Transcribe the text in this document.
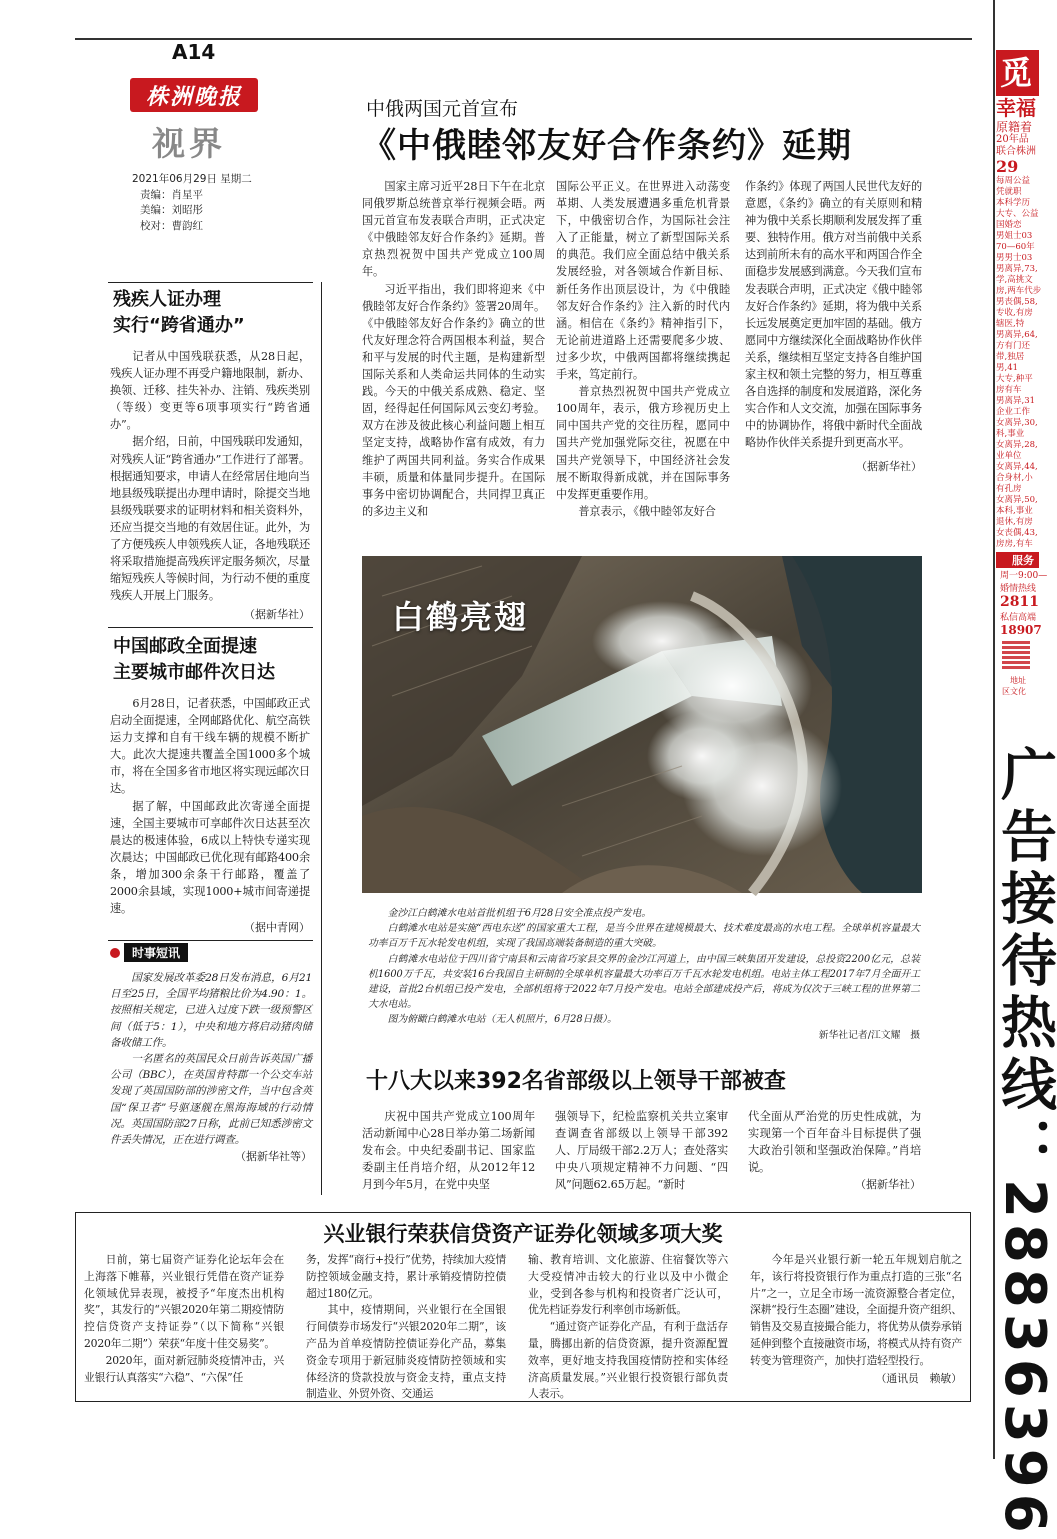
A14
株洲晚报
视界
2021年06月29日 星期二
责编：肖星平
美编：刘昭彤
校对：曹韵红
中俄两国元首宣布
《中俄睦邻友好合作条约》延期

国家主席习近平28日下午在北京同俄罗斯总统普京举行视频会晤。两国元首宣布发表联合声明，正式决定《中俄睦邻友好合作条约》延期。普京热烈祝贺中国共产党成立100周年。

习近平指出，我们即将迎来《中俄睦邻友好合作条约》签署20周年。《中俄睦邻友好合作条约》确立的世代友好理念符合两国根本利益，契合和平与发展的时代主题，是构建新型国际关系和人类命运共同体的生动实践。今天的中俄关系成熟、稳定、坚固，经得起任何国际风云变幻考验。双方在涉及彼此核心利益问题上相互坚定支持，战略协作富有成效，有力维护了两国共同利益。务实合作成果丰硕，质量和体量同步提升。在国际事务中密切协调配合，共同捍卫真正的多边主义和

国际公平正义。在世界进入动荡变革期、人类发展遭遇多重危机背景下，中俄密切合作，为国际社会注入了正能量，树立了新型国际关系的典范。我们应全面总结中俄关系发展经验，对各领域合作新目标、新任务作出顶层设计，为《中俄睦邻友好合作条约》注入新的时代内涵。相信在《条约》精神指引下，无论前进道路上还需要爬多少坡、过多少坎，中俄两国都将继续携起手来，笃定前行。

普京热烈祝贺中国共产党成立100周年，表示，俄方珍视历史上同中国共产党的交往历程，愿同中国共产党加强党际交往，祝愿在中国共产党领导下，中国经济社会发展不断取得新成就，并在国际事务中发挥更重要作用。

普京表示，《俄中睦邻友好合

作条约》体现了两国人民世代友好的意愿，《条约》确立的有关原则和精神为俄中关系长期顺利发展发挥了重要、独特作用。俄方对当前俄中关系达到前所未有的高水平和两国合作全面稳步发展感到满意。今天我们宣布发表联合声明，正式决定《俄中睦邻友好合作条约》延期，将为俄中关系长远发展奠定更加牢固的基础。俄方愿同中方继续深化全面战略协作伙伴关系，继续相互坚定支持各自维护国家主权和领土完整的努力，相互尊重各自选择的制度和发展道路，深化务实合作和人文交流，加强在国际事务中的协调协作，将俄中新时代全面战略协作伙伴关系提升到更高水平。

（据新华社）
残疾人证办理
实行“跨省通办”

记者从中国残联获悉，从28日起，残疾人证办理不再受户籍地限制，新办、换领、迁移、挂失补办、注销、残疾类别（等级）变更等6项事项实行“跨省通办”。

据介绍，日前，中国残联印发通知，对残疾人证“跨省通办”工作进行了部署。根据通知要求，申请人在经常居住地向当地县级残联提出办理申请时，除提交当地县级残联要求的证明材料和相关资料外，还应当提交当地的有效居住证。此外，为了方便残疾人申领残疾人证，各地残联还将采取措施提高残疾评定服务频次，尽量缩短残疾人等候时间，为行动不便的重度残疾人开展上门服务。

（据新华社）
中国邮政全面提速
主要城市邮件次日达

6月28日，记者获悉，中国邮政正式启动全面提速，全网邮路优化、航空高铁运力支撑和自有干线车辆的规模不断扩大。此次大提速共覆盖全国1000多个城市，将在全国多省市地区将实现远邮次日达。

据了解，中国邮政此次寄递全面提速，全国主要城市可享邮件次日达甚至次晨达的极速体验，6成以上特快专递实现次晨达；中国邮政已优化现有邮路400余条，增加300余条干行邮路，覆盖了2000余县域，实现1000+城市间寄递提速。

（据中青网）
时事短讯

国家发展改革委28日发布消息，6月21日至25日，全国平均猪粮比价为4.90：1。按照相关规定，已进入过度下跌一级预警区间（低于5：1），中央和地方将启动猪肉储备收储工作。

一名匿名的英国民众日前告诉英国广播公司（BBC），在英国肯特郡一个公交车站发现了英国国防部的涉密文件，当中包含英国“保卫者”号驱逐舰在黑海海域的行动情况。英国国防部27日称，此前已知悉涉密文件丢失情况，正在进行调查。

（据新华社等）
白鹤亮翅

金沙江白鹤滩水电站首批机组于6月28日安全准点投产发电。

白鹤滩水电站是实施“西电东送”的国家重大工程，是当今世界在建规模最大、技术难度最高的水电工程。全球单机容量最大功率百万千瓦水轮发电机组，实现了我国高端装备制造的重大突破。

白鹤滩水电站位于四川省宁南县和云南省巧家县交界的金沙江河道上，由中国三峡集团开发建设，总投资2200亿元，总装机1600万千瓦，共安装16台我国自主研制的全球单机容量最大功率百万千瓦水轮发电机组。电站主体工程2017年7月全面开工建设，首批2台机组已投产发电，全部机组将于2022年7月投产发电。电站全部建成投产后，将成为仅次于三峡工程的世界第二大水电站。

图为俯瞰白鹤滩水电站（无人机照片，6月28日摄）。

新华社记者/江文耀　摄

十八大以来392名省部级以上领导干部被查

庆祝中国共产党成立100周年活动新闻中心28日举办第二场新闻发布会。中央纪委副书记、国家监委副主任肖培介绍，从2012年12月到今年5月，在党中央坚

强领导下，纪检监察机关共立案审查调查省部级以上领导干部392人、厅局级干部2.2万人；查处落实中央八项规定精神不力问题、“四风”问题62.65万起。“新时

代全面从严治党的历史性成就，为实现第一个百年奋斗目标提供了强大政治引领和坚强政治保障。”肖培说。

（据新华社）
兴业银行荣获信贷资产证券化领域多项大奖

日前，第七届资产证券化论坛年会在上海落下帷幕，兴业银行凭借在资产证券化领域优异表现，被授予“年度杰出机构奖”，其发行的“兴银2020年第二期疫情防控信贷资产支持证券”（以下简称“兴银2020年二期”）荣获“年度十佳交易奖”。

2020年，面对新冠肺炎疫情冲击，兴业银行认真落实“六稳”、“六保”任

务，发挥“商行+投行”优势，持续加大疫情防控领域金融支持，累计承销疫情防控债超过180亿元。

其中，疫情期间，兴业银行在全国银行间债券市场发行“兴银2020年二期”，该产品为首单疫情防控债证券化产品，募集资金专项用于新冠肺炎疫情防控领域和实体经济的贷款投放与资金支持，重点支持制造业、外贸外资、交通运

输、教育培训、文化旅游、住宿餐饮等六大受疫情冲击较大的行业以及中小微企业，受到各参与机构和投资者广泛认可，优先档证券发行利率创市场新低。

“通过资产证券化产品，有利于盘活存量，腾挪出新的信贷资源，提升资源配置效率，更好地支持我国疫情防控和实体经济高质量发展。”兴业银行投资银行部负责人表示。

今年是兴业银行新一轮五年规划启航之年，该行将投资银行作为重点打造的三张“名片”之一，立足全市场一流资源整合者定位，深耕“投行生态圈”建设，全面提升资产组织、销售及交易直接撮合能力，将优势从债券承销延伸到整个直接融资市场，将模式从持有资产转变为管理资产，加快打造轻型投行。

（通讯员　赖敏）
觅
幸福
原籍着
20年品
联合株洲
29
每周公益
凭就职
本科学历
大专、公益
国婚恋
男姐士03
70—60年
男男士03
男离异,73,
学,高挑文
房,两车代步
男丧偶,58,
专收,有房
辖医,特
男离异,64,
方有门还
带,独居
男,41
大专,种平
房有车
男离异,31
企业工作
女离异,30,
科,事业
女离异,28,
业单位
女离异,44,
合身材,小
有孔房
女离异,50,
本科,事业
退休,有房
女丧偶,43,
房房,有车
服务
周一9:00—
婚情热线
2811
私信高端
18907
地址
区文化
广告接待热线：28836396
